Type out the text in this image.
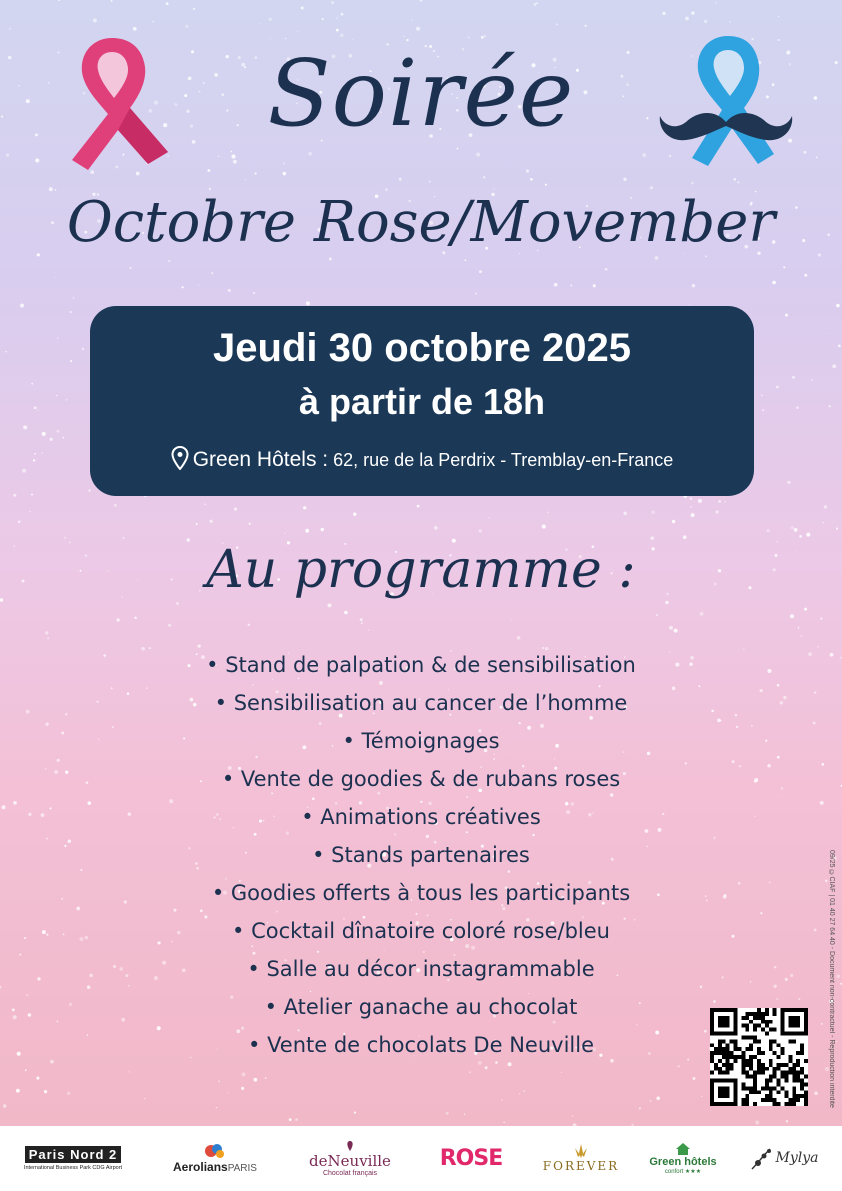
Soirée
Octobre Rose/Movember
Jeudi 30 octobre 2025
à partir de 18h
Green Hôtels : 62, rue de la Perdrix - Tremblay-en-France
Au programme :
• Stand de palpation & de sensibilisation
• Sensibilisation au cancer de l’homme
• Témoignages
• Vente de goodies & de rubans roses
• Animations créatives
• Stands partenaires
• Goodies offerts à tous les participants
• Cocktail dînatoire coloré rose/bleu
• Salle au décor instagrammable
• Atelier ganache au chocolat
• Vente de chocolats De Neuville	09/25 ©CIAF | 01 40 27 64 40 - Document non-contractuel - Reproduction interdite
Paris Nord 2
International Business Park CDG Airport	AeroliansPARIS	deNeuville
Chocolat français
ROSE	FOREVER	Green hôtels
confort ★★★
Mylya
